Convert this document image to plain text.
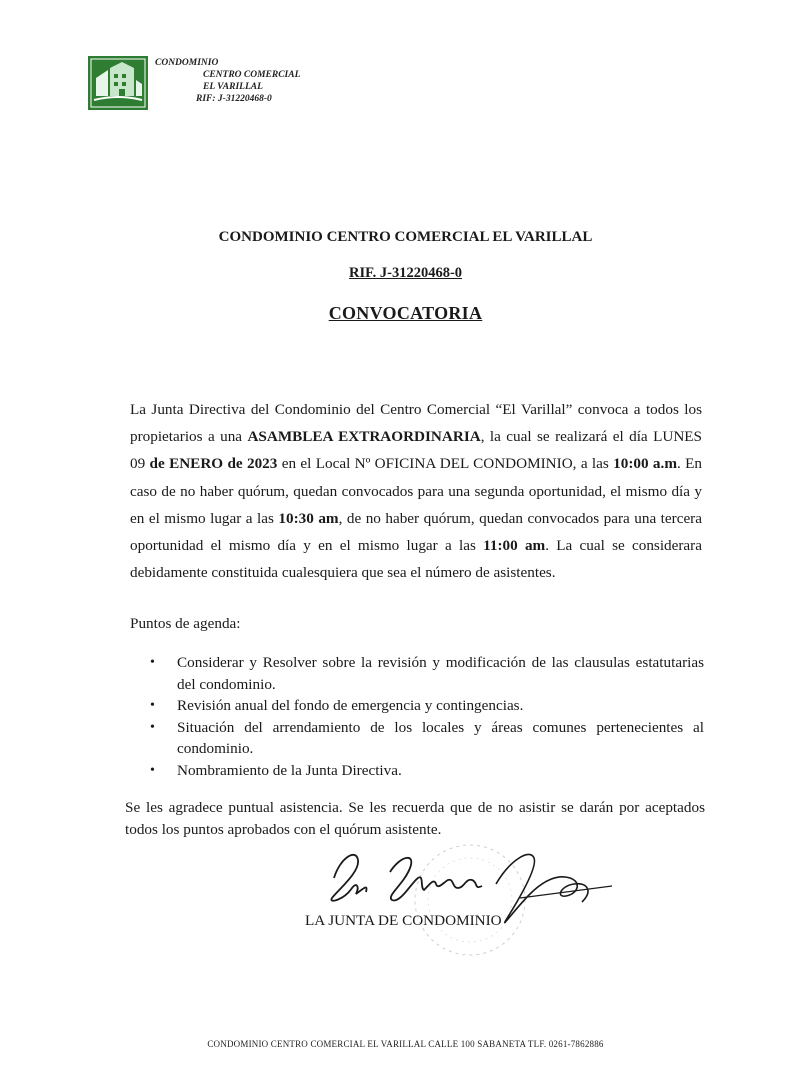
CONDOMINIO
CENTRO COMERCIAL
EL VARILLAL
RIF: J-31220468-0
CONDOMINIO CENTRO COMERCIAL EL VARILLAL
RIF. J-31220468-0
CONVOCATORIA
La Junta Directiva del Condominio del Centro Comercial “El Varillal” convoca a todos los propietarios a una ASAMBLEA EXTRAORDINARIA, la cual se realizará el día LUNES 09 de ENERO de 2023 en el Local Nº OFICINA DEL CONDOMINIO, a las 10:00 a.m. En caso de no haber quórum, quedan convocados para una segunda oportunidad, el mismo día y en el mismo lugar a las 10:30 am, de no haber quórum, quedan convocados para una tercera oportunidad el mismo día y en el mismo lugar a las 11:00 am. La cual se considerara debidamente constituida cualesquiera que sea el número de asistentes.
Puntos de agenda:
• Considerar y Resolver sobre la revisión y modificación de las clausulas estatutarias del condominio.
• Revisión anual del fondo de emergencia y contingencias.
• Situación del arrendamiento de los locales y áreas comunes pertenecientes al condominio.
• Nombramiento de la Junta Directiva.
Se les agradece puntual asistencia. Se les recuerda que de no asistir se darán por aceptados todos los puntos aprobados con el quórum asistente.
LA JUNTA DE CONDOMINIO
CONDOMINIO CENTRO COMERCIAL EL VARILLAL CALLE 100 SABANETA TLF. 0261-7862886
